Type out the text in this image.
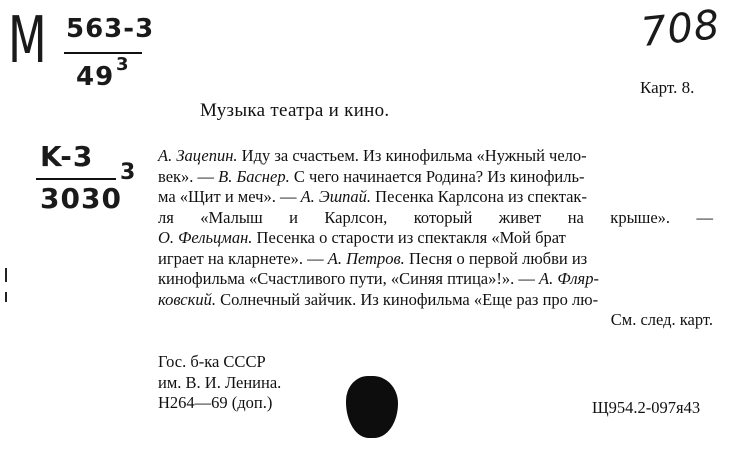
M 563-3
49 3
708
K-3
3030
3
Карт. 8.
Музыка театра и кино.
А. Зацепин. Иду за счастьем. Из кинофильма «Нужный чело-
век». — В. Баснер. С чего начинается Родина? Из кинофиль-
ма «Щит и меч». — А. Эшпай. Песенка Карлсона из спектак-
ля «Малыш и Карлсон, который живет на крыше». —
О. Фельцман. Песенка о старости из спектакля «Мой брат
играет на кларнете». — А. Петров. Песня о первой любви из
кинофильма «Счастливого пути, «Синяя птица»!». — А. Фляр-
ковский. Солнечный зайчик. Из кинофильма «Еще раз про лю-
См. след. карт.
Гос. б-ка СССР
им. В. И. Ленина.
Н264—69 (доп.)	Щ954.2-097я43
